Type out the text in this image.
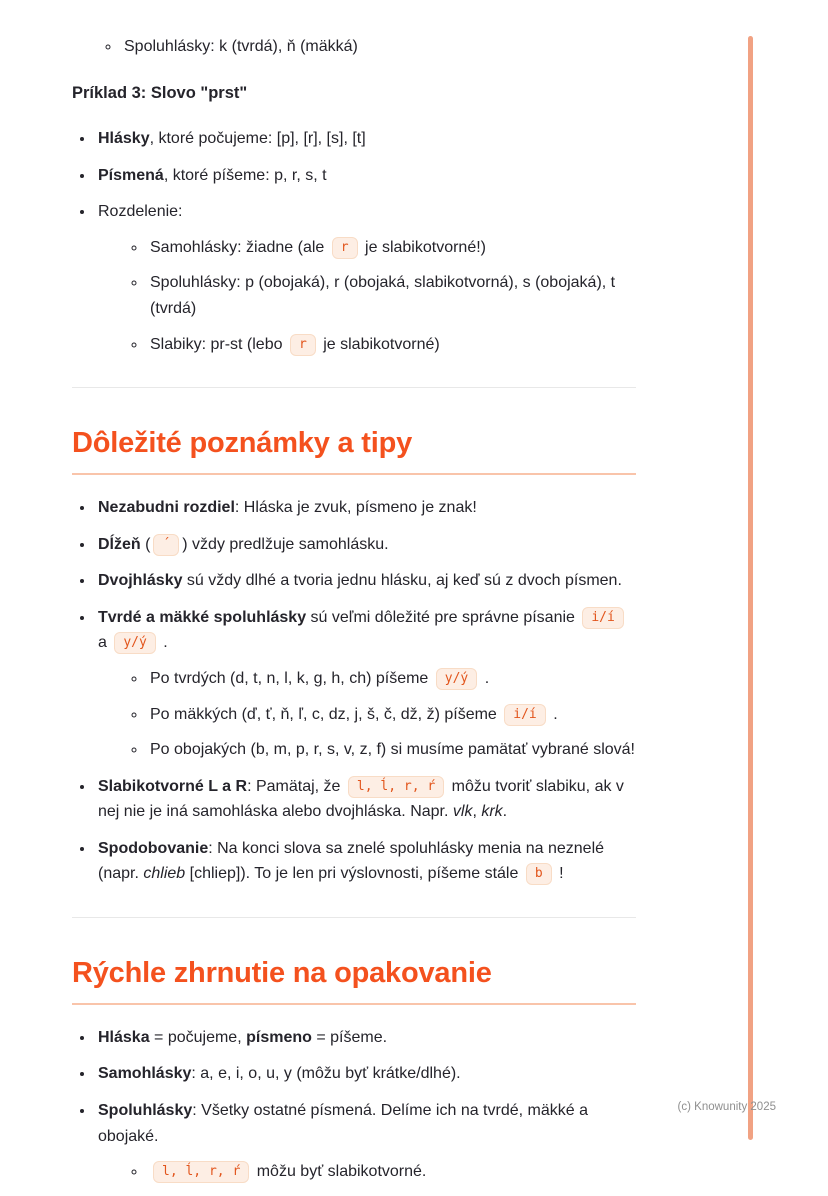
◦ Spoluhlásky: k (tvrdá), ň (mäkká)

Príklad 3: Slovo "prst"

• Hlásky, ktoré počujeme: [p], [r], [s], [t]
• Písmená, ktoré píšeme: p, r, s, t
• Rozdelenie:
◦ Samohlásky: žiadne (ale r je slabikotvorné!)
◦ Spoluhlásky: p (obojaká), r (obojaká, slabikotvorná), s (obojaká), t (tvrdá)
◦ Slabiky: pr-st (lebo r je slabikotvorné)
Dôležité poznámky a tipy
• Nezabudni rozdiel: Hláska je zvuk, písmeno je znak!
• Dĺžeň ( ´ ) vždy predlžuje samohlásku.
• Dvojhlásky sú vždy dlhé a tvoria jednu hlásku, aj keď sú z dvoch písmen.
• Tvrdé a mäkké spoluhlásky sú veľmi dôležité pre správne písanie i/í a y/ý .
◦ Po tvrdých (d, t, n, l, k, g, h, ch) píšeme y/ý .
◦ Po mäkkých (ď, ť, ň, ľ, c, dz, j, š, č, dž, ž) píšeme i/í .
◦ Po obojakých (b, m, p, r, s, v, z, f) si musíme pamätať vybrané slová!
• Slabikotvorné L a R: Pamätaj, že l, ĺ, r, ŕ môžu tvoriť slabiku, ak v nej nie je iná samohláska alebo dvojhláska. Napr. vlk, krk.
• Spodobovanie: Na konci slova sa znelé spoluhlásky menia na neznelé (napr. chlieb [chliep]). To je len pri výslovnosti, píšeme stále b !
Rýchle zhrnutie na opakovanie
• Hláska = počujeme, písmeno = píšeme.
• Samohlásky: a, e, i, o, u, y (môžu byť krátke/dlhé).
• Spoluhlásky: Všetky ostatné písmená. Delíme ich na tvrdé, mäkké a obojaké.
◦ l, ĺ, r, ŕ môžu byť slabikotvorné.
(c) Knowunity 2025
